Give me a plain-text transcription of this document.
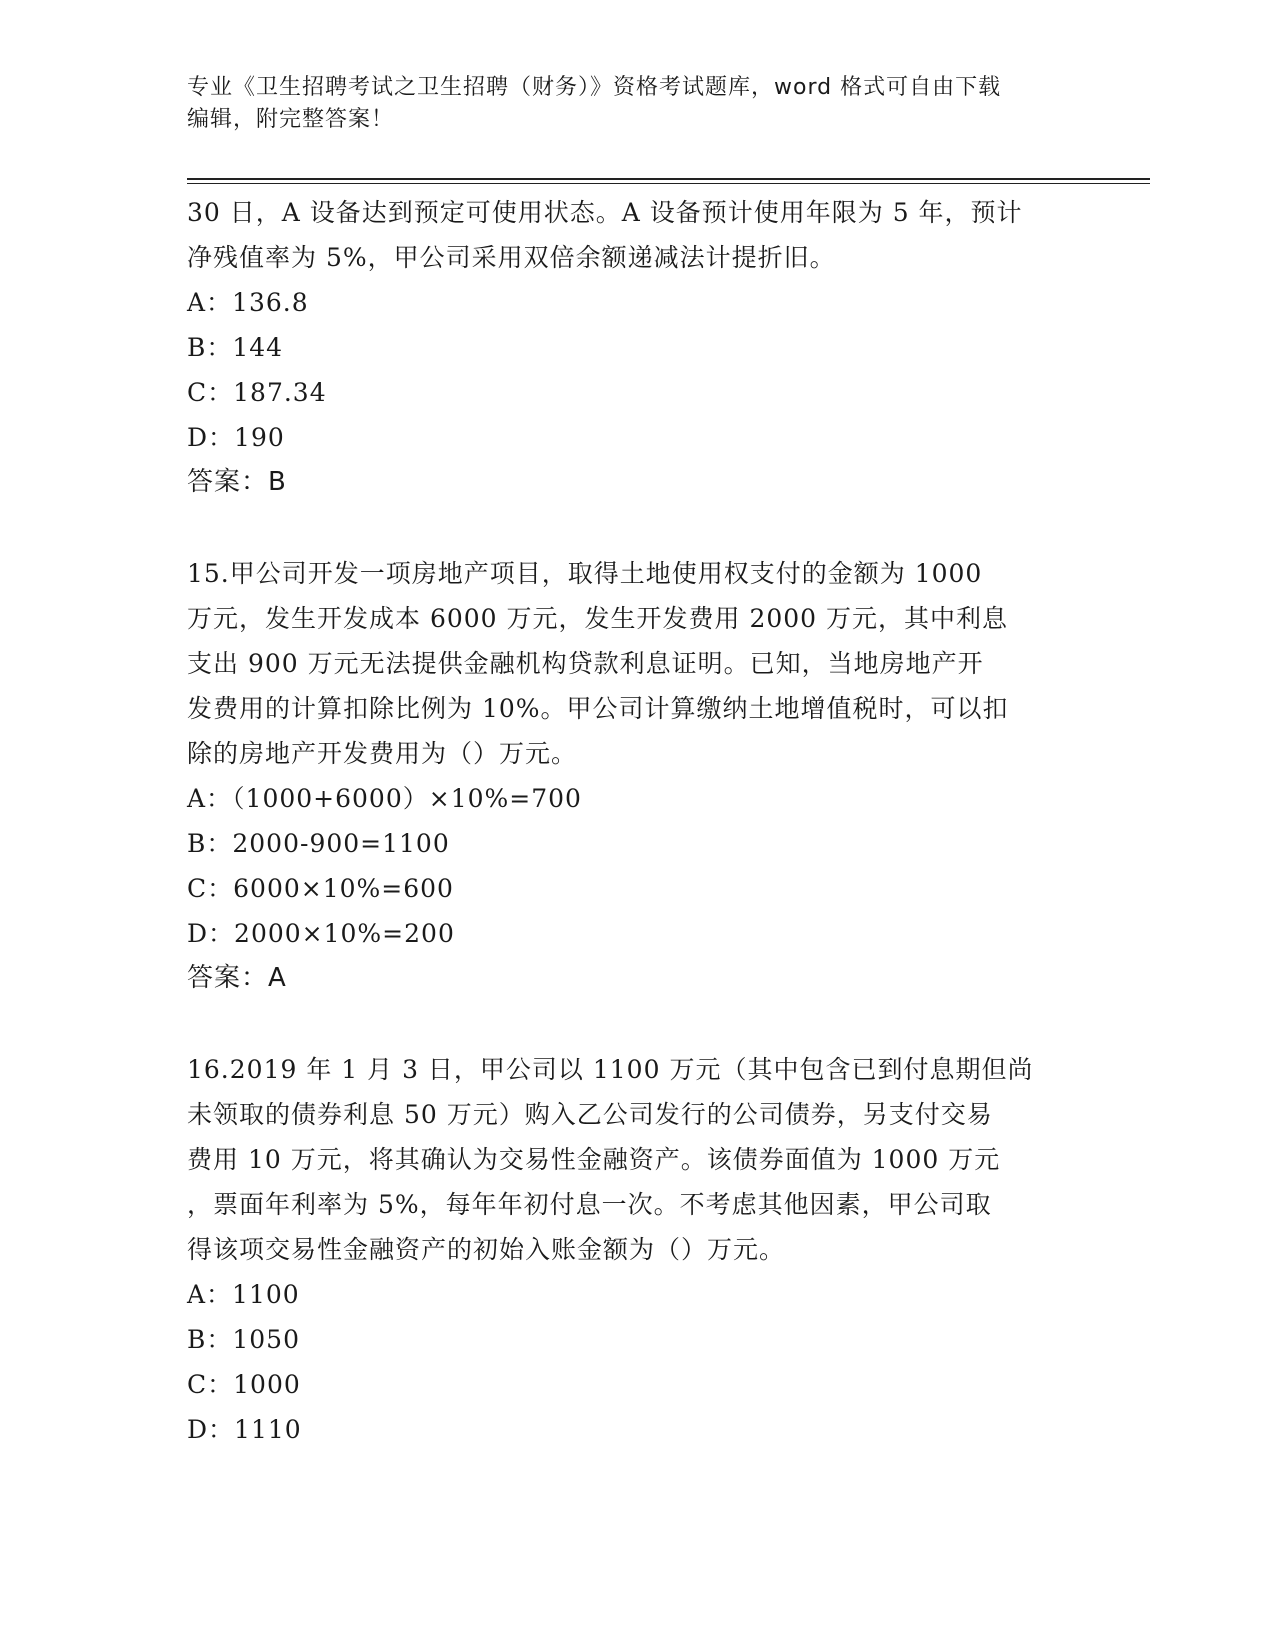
专业《卫生招聘考试之卫生招聘（财务）》资格考试题库，word 格式可自由下载
编辑，附完整答案！

30 日，A 设备达到预定可使用状态。A 设备预计使用年限为 5 年，预计

净残值率为 5%，甲公司采用双倍余额递减法计提折旧。

A：136.8

B：144

C：187.34

D：190

答案：B

15.甲公司开发一项房地产项目，取得土地使用权支付的金额为 1000

万元，发生开发成本 6000 万元，发生开发费用 2000 万元，其中利息

支出 900 万元无法提供金融机构贷款利息证明。已知，当地房地产开

发费用的计算扣除比例为 10%。甲公司计算缴纳土地增值税时，可以扣

除的房地产开发费用为（）万元。

A：（1000+6000）×10%=700

B：2000-900=1100

C：6000×10%=600

D：2000×10%=200

答案：A

16.2019 年 1 月 3 日，甲公司以 1100 万元（其中包含已到付息期但尚

未领取的债券利息 50 万元）购入乙公司发行的公司债券，另支付交易

费用 10 万元，将其确认为交易性金融资产。该债券面值为 1000 万元

，票面年利率为 5%，每年年初付息一次。不考虑其他因素，甲公司取

得该项交易性金融资产的初始入账金额为（）万元。

A：1100

B：1050

C：1000

D：1110
